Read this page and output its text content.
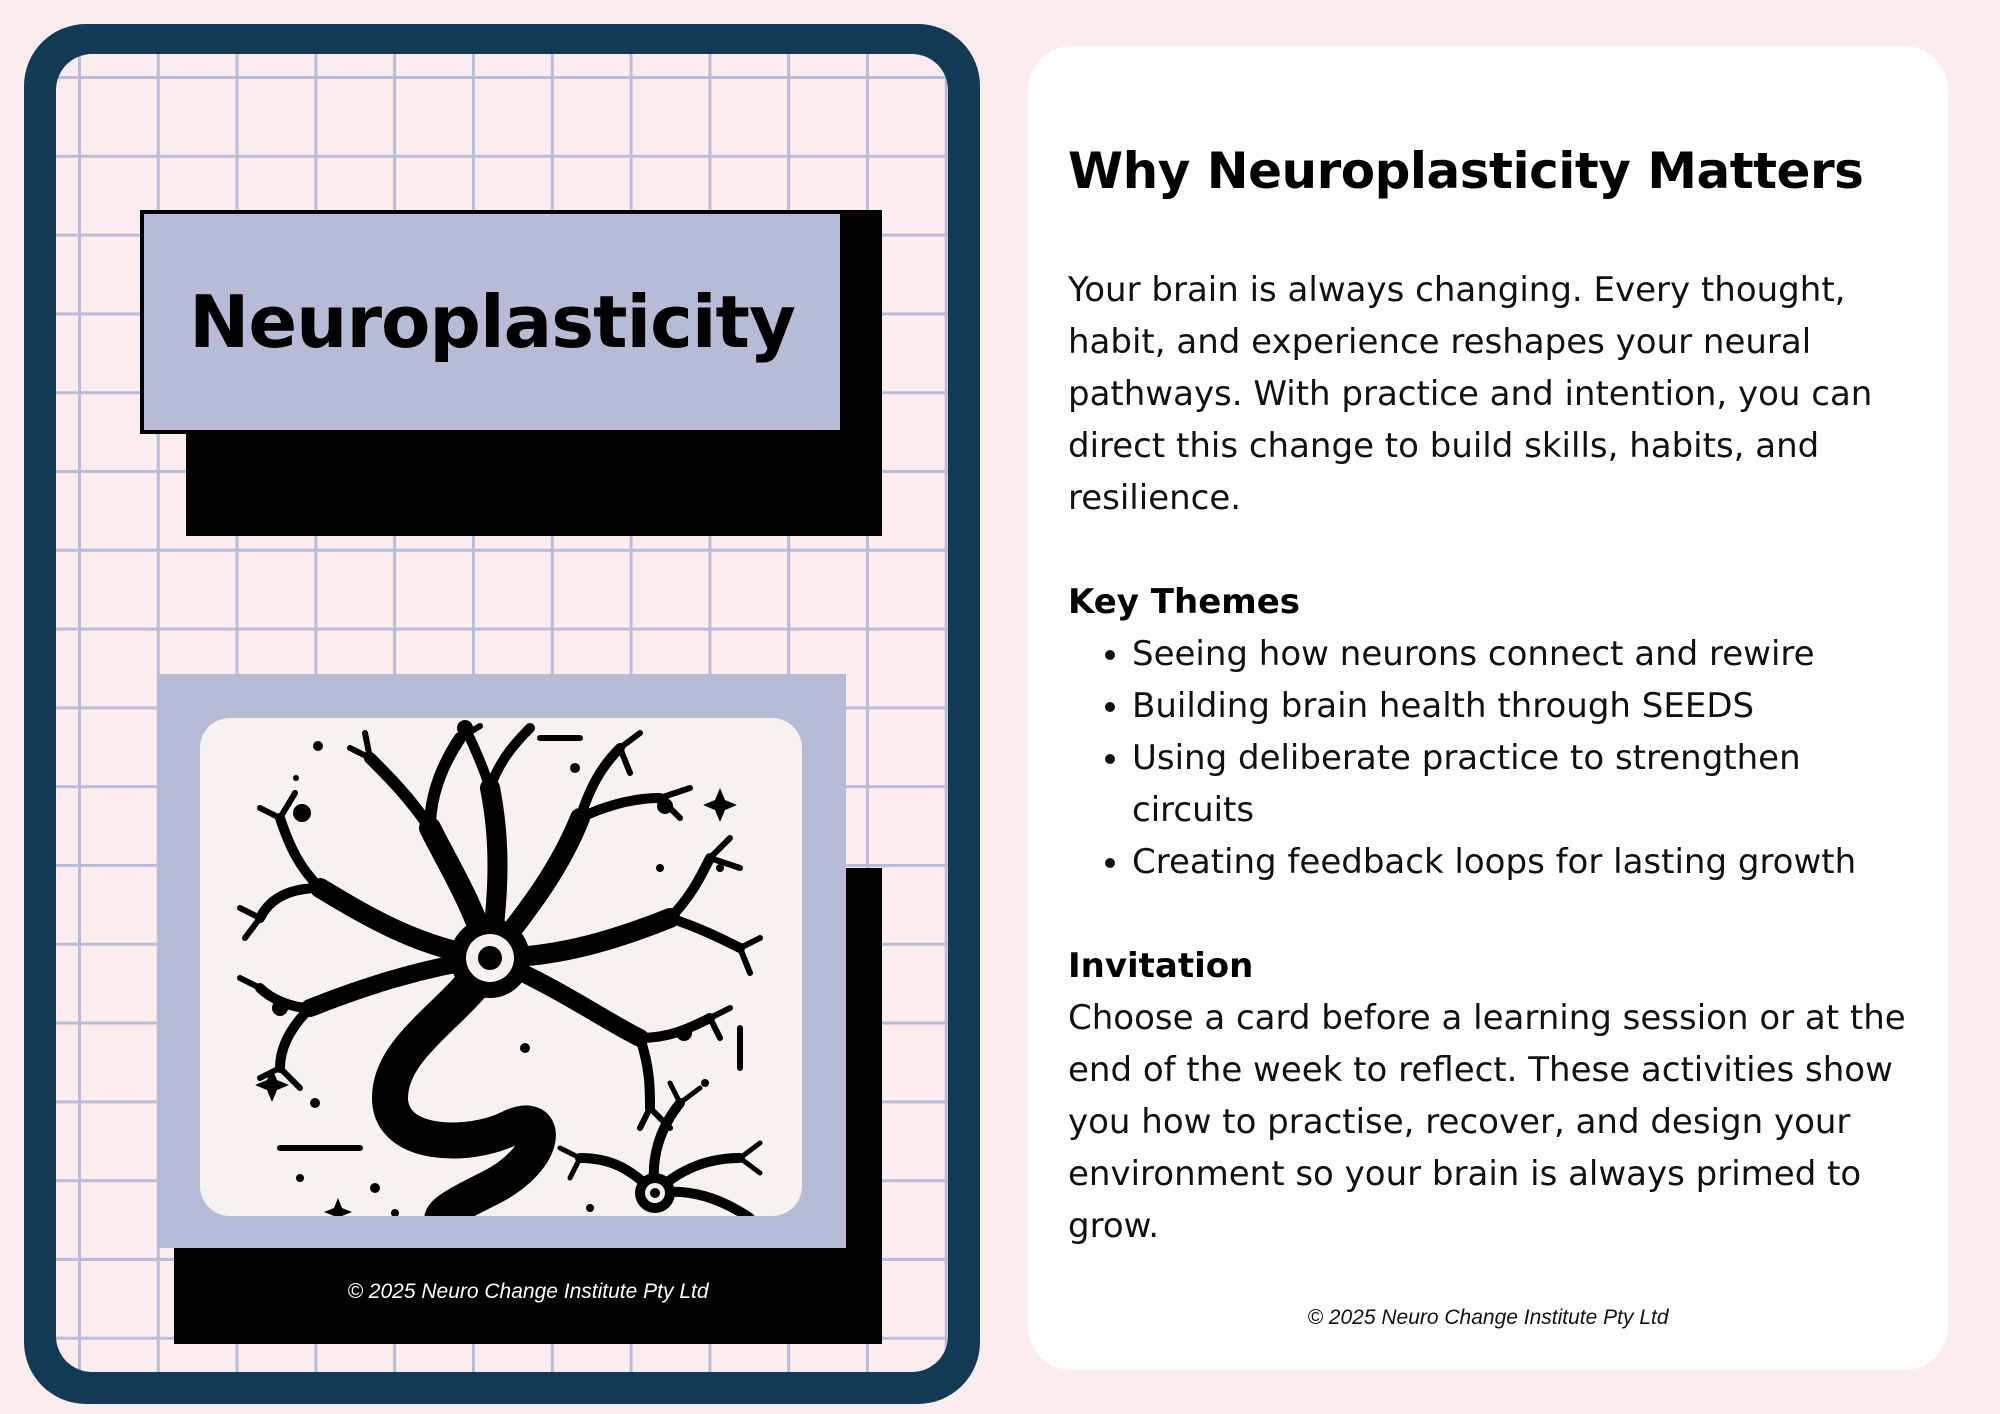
Neuroplasticity
© 2025 Neuro Change Institute Pty Ltd
Why Neuroplasticity Matters

Your brain is always changing. Every thought, habit, and experience reshapes your neural pathways. With practice and intention, you can direct this change to build skills, habits, and resilience.

Key Themes

• Seeing how neurons connect and rewire
• Building brain health through SEEDS
• Using deliberate practice to strengthen circuits
• Creating feedback loops for lasting growth

Invitation

Choose a card before a learning session or at the end of the week to reflect. These activities show you how to practise, recover, and design your environment so your brain is always primed to grow.

© 2025 Neuro Change Institute Pty Ltd
